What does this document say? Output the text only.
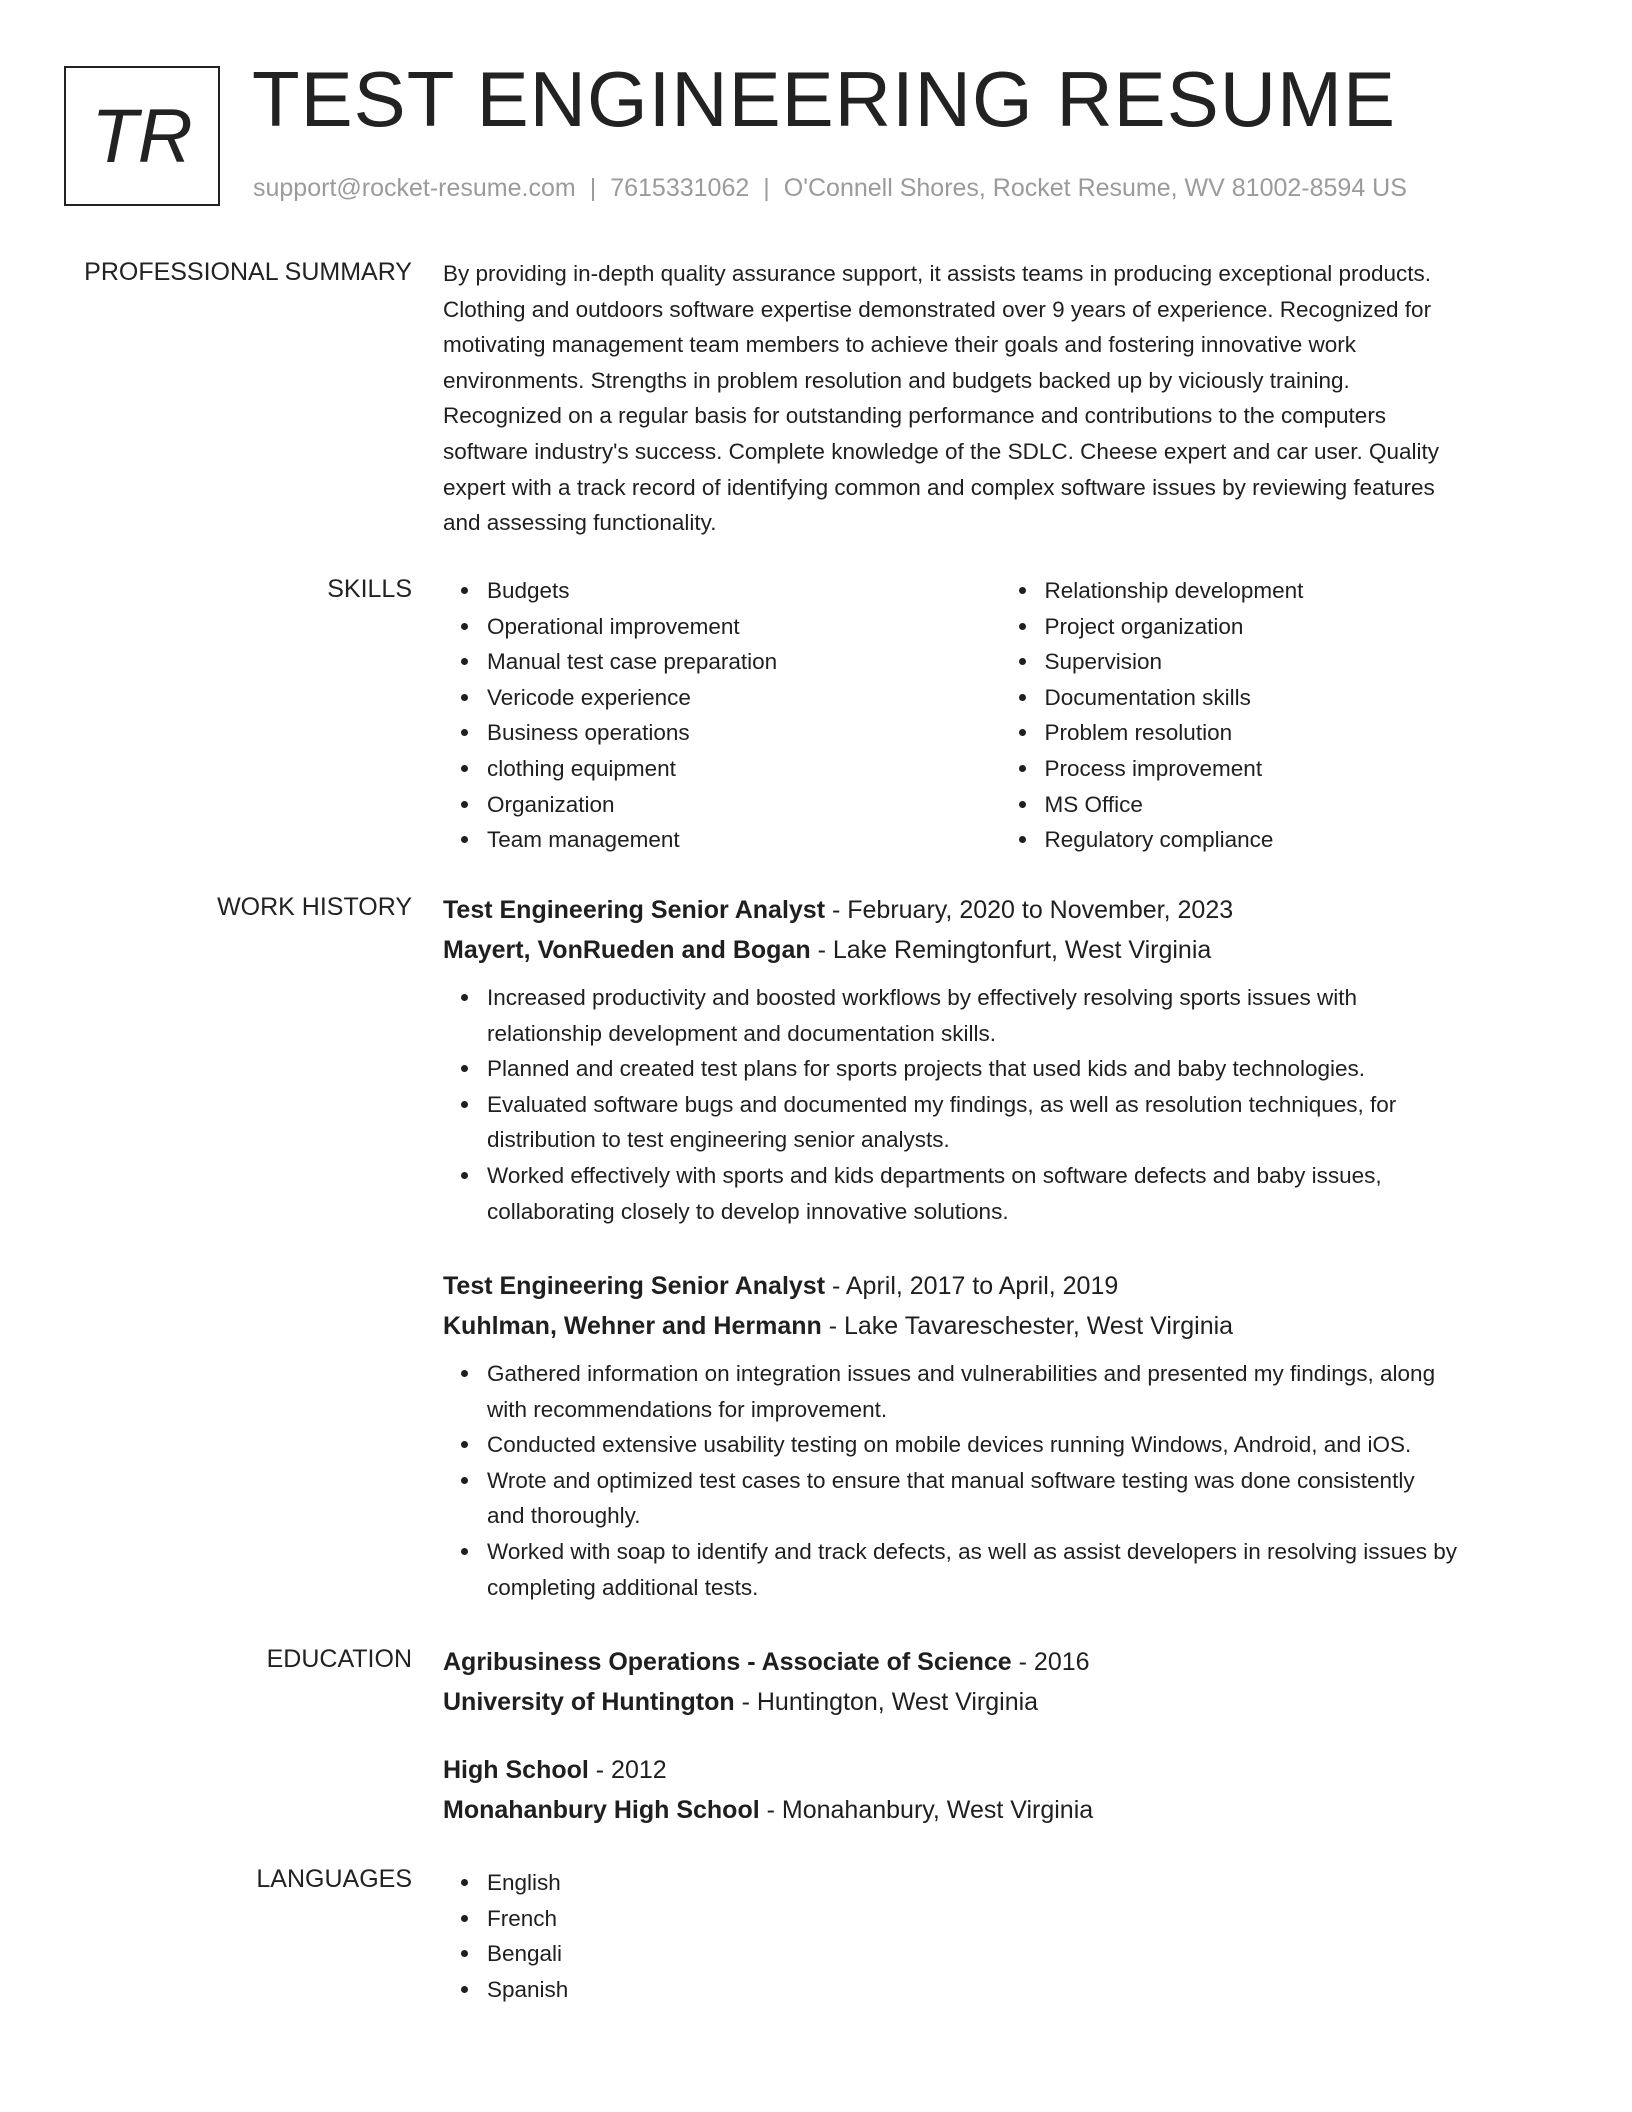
TR TEST ENGINEERING RESUME
support@rocket-resume.com | 7615331062 | O'Connell Shores, Rocket Resume, WV 81002-8594 US
PROFESSIONAL SUMMARY By providing in-depth quality assurance support, it assists teams in producing exceptional products.

Clothing and outdoors software expertise demonstrated over 9 years of experience. Recognized for

motivating management team members to achieve their goals and fostering innovative work

environments. Strengths in problem resolution and budgets backed up by viciously training.

Recognized on a regular basis for outstanding performance and contributions to the computers

software industry's success. Complete knowledge of the SDLC. Cheese expert and car user. Quality

expert with a track record of identifying common and complex software issues by reviewing features

and assessing functionality.

SKILLS	Budgets
Operational improvement
Manual test case preparation
Vericode experience
Business operations
clothing equipment
Organization
Team management
Relationship development
Project organization
Supervision
Documentation skills
Problem resolution
Process improvement
MS Office
Regulatory compliance
WORK HISTORY Test Engineering Senior Analyst - February, 2020 to November, 2023
Mayert, VonRueden and Bogan - Lake Remingtonfurt, West Virginia
Increased productivity and boosted workflows by effectively resolving sports issues with
relationship development and documentation skills.
Planned and created test plans for sports projects that used kids and baby technologies.
Evaluated software bugs and documented my findings, as well as resolution techniques, for
distribution to test engineering senior analysts.
Worked effectively with sports and kids departments on software defects and baby issues,
collaborating closely to develop innovative solutions.
Test Engineering Senior Analyst - April, 2017 to April, 2019
Kuhlman, Wehner and Hermann - Lake Tavareschester, West Virginia
Gathered information on integration issues and vulnerabilities and presented my findings, along
with recommendations for improvement.
Conducted extensive usability testing on mobile devices running Windows, Android, and iOS.
Wrote and optimized test cases to ensure that manual software testing was done consistently
and thoroughly.
Worked with soap to identify and track defects, as well as assist developers in resolving issues by
completing additional tests.
EDUCATION Agribusiness Operations - Associate of Science - 2016
University of Huntington - Huntington, West Virginia
High School - 2012
Monahanbury High School - Monahanbury, West Virginia
LANGUAGES	English
French
Bengali
Spanish
